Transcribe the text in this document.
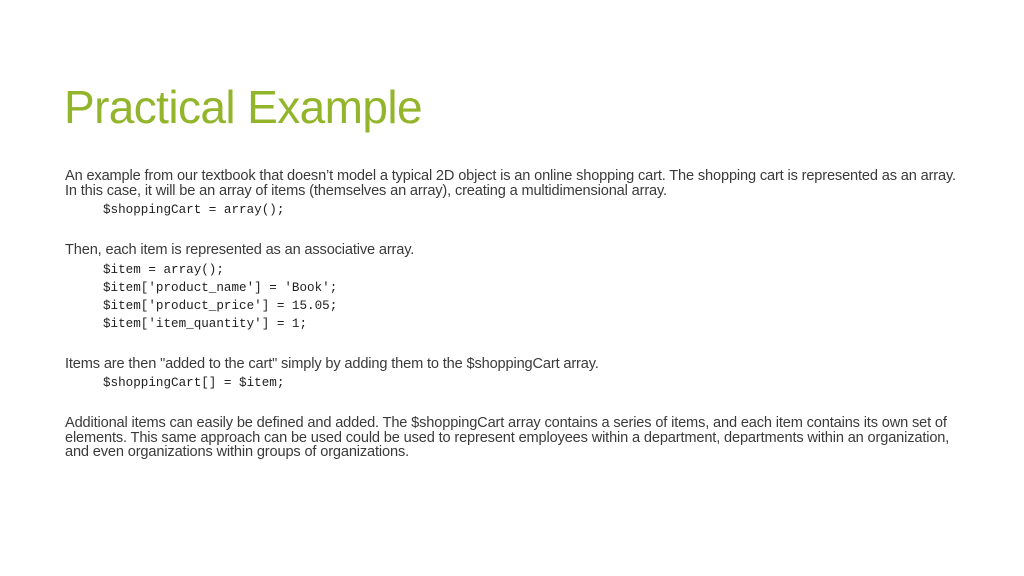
Practical Example

An example from our textbook that doesn’t model a typical 2D object is an online shopping cart. The shopping cart is represented as an array. In this case, it will be an array of items (themselves an array), creating a multidimensional array.

$shoppingCart = array();

Then, each item is represented as an associative array.

$item = array();
$item['product_name'] = 'Book';
$item['product_price'] = 15.05;
$item['item_quantity'] = 1;

Items are then "added to the cart" simply by adding them to the $shoppingCart array.

$shoppingCart[] = $item;

Additional items can easily be defined and added. The $shoppingCart array contains a series of items, and each item contains its own set of elements. This same approach can be used could be used to represent employees within a department, departments within an organization, and even organizations within groups of organizations.
